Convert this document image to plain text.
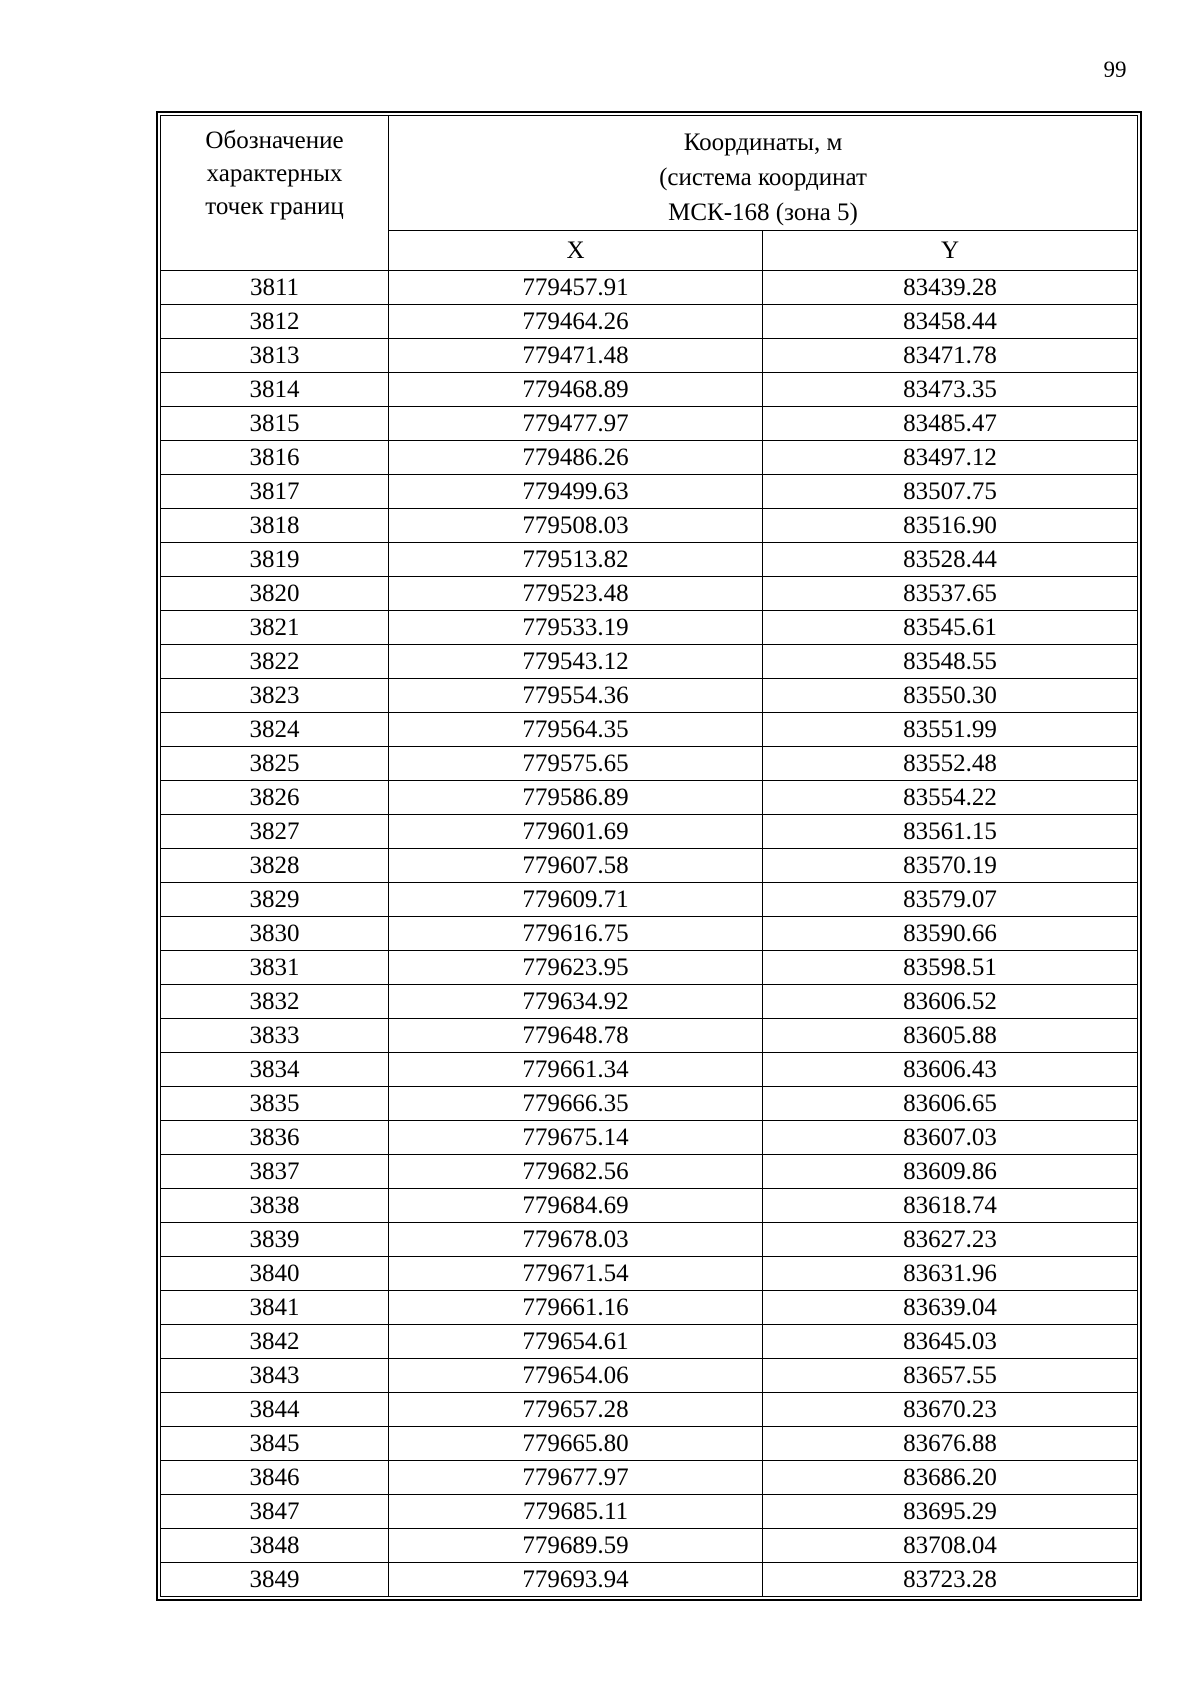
99
Обозначение
характерных
точек границ	Координаты, м
(система координат
МСК-168 (зона 5)	

	X	Y
3811	779457.91	83439.28
3812	779464.26	83458.44
3813	779471.48	83471.78
3814	779468.89	83473.35
3815	779477.97	83485.47
3816	779486.26	83497.12
3817	779499.63	83507.75
3818	779508.03	83516.90
3819	779513.82	83528.44
3820	779523.48	83537.65
3821	779533.19	83545.61
3822	779543.12	83548.55
3823	779554.36	83550.30
3824	779564.35	83551.99
3825	779575.65	83552.48
3826	779586.89	83554.22
3827	779601.69	83561.15
3828	779607.58	83570.19
3829	779609.71	83579.07
3830	779616.75	83590.66
3831	779623.95	83598.51
3832	779634.92	83606.52
3833	779648.78	83605.88
3834	779661.34	83606.43
3835	779666.35	83606.65
3836	779675.14	83607.03
3837	779682.56	83609.86
3838	779684.69	83618.74
3839	779678.03	83627.23
3840	779671.54	83631.96
3841	779661.16	83639.04
3842	779654.61	83645.03
3843	779654.06	83657.55
3844	779657.28	83670.23
3845	779665.80	83676.88
3846	779677.97	83686.20
3847	779685.11	83695.29
3848	779689.59	83708.04
3849	779693.94	83723.28
